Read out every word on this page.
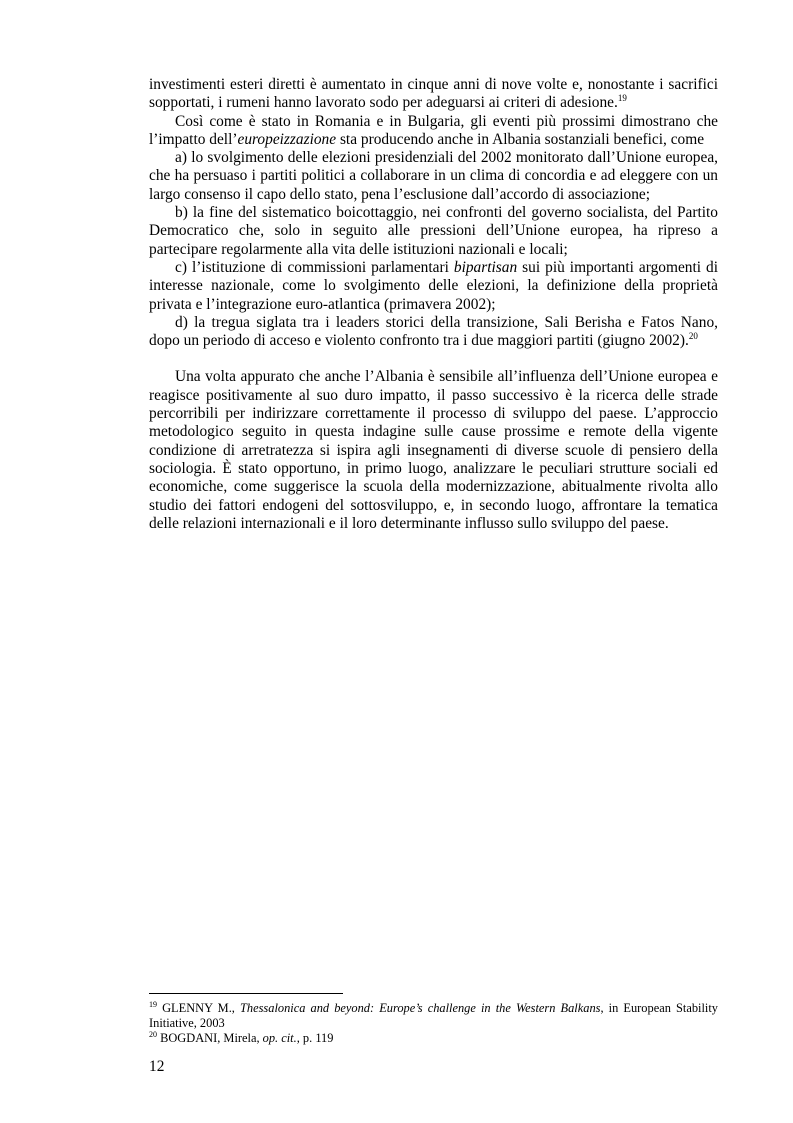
investimenti esteri diretti è aumentato in cinque anni di nove volte e, nonostante i sacrifici sopportati, i rumeni hanno lavorato sodo per adeguarsi ai criteri di adesione.$^{19}$

Così come è stato in Romania e in Bulgaria, gli eventi più prossimi dimostrano che l’impatto dell’europeizzazione sta producendo anche in Albania sostanziali benefici, come

a) lo svolgimento delle elezioni presidenziali del 2002 monitorato dall’Unione europea, che ha persuaso i partiti politici a collaborare in un clima di concordia e ad eleggere con un largo consenso il capo dello stato, pena l’esclusione dall’accordo di associazione;

b) la fine del sistematico boicottaggio, nei confronti del governo socialista, del Partito Democratico che, solo in seguito alle pressioni dell’Unione europea, ha ripreso a partecipare regolarmente alla vita delle istituzioni nazionali e locali;

c) l’istituzione di commissioni parlamentari bipartisan sui più importanti argomenti di interesse nazionale, come lo svolgimento delle elezioni, la definizione della proprietà privata e l’integrazione euro-atlantica (primavera 2002);

d) la tregua siglata tra i leaders storici della transizione, Sali Berisha e Fatos Nano, dopo un periodo di acceso e violento confronto tra i due maggiori partiti (giugno 2002).$^{20}$

Una volta appurato che anche l’Albania è sensibile all’influenza dell’Unione europea e reagisce positivamente al suo duro impatto, il passo successivo è la ricerca delle strade percorribili per indirizzare correttamente il processo di sviluppo del paese. L’approccio metodologico seguito in questa indagine sulle cause prossime e remote della vigente condizione di arretratezza si ispira agli insegnamenti di diverse scuole di pensiero della sociologia. È stato opportuno, in primo luogo, analizzare le peculiari strutture sociali ed economiche, come suggerisce la scuola della modernizzazione, abitualmente rivolta allo studio dei fattori endogeni del sottosviluppo, e, in secondo luogo, affrontare la tematica delle relazioni internazionali e il loro determinante influsso sullo sviluppo del paese.

$^{19}$ GLENNY M., Thessalonica and beyond: Europe’s challenge in the Western Balkans, in European Stability Initiative, 2003

$^{20}$ BOGDANI, Mirela, op. cit., p. 119

12
